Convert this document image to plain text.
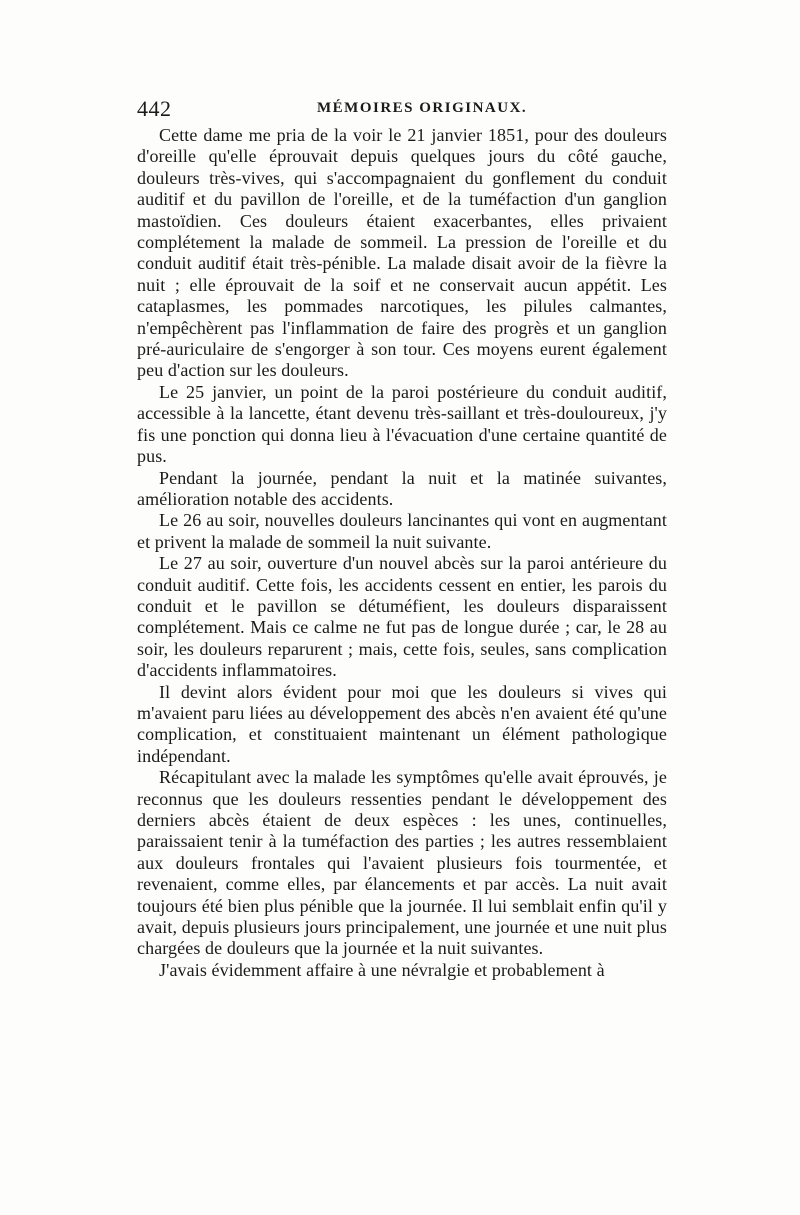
442	MÉMOIRES ORIGINAUX.

Cette dame me pria de la voir le 21 janvier 1851, pour des douleurs d'oreille qu'elle éprouvait depuis quelques jours du côté gauche, douleurs très-vives, qui s'accompagnaient du gonflement du conduit auditif et du pavillon de l'oreille, et de la tuméfaction d'un ganglion mastoïdien. Ces douleurs étaient exacerbantes, elles privaient complétement la malade de sommeil. La pression de l'oreille et du conduit auditif était très-pénible. La malade disait avoir de la fièvre la nuit ; elle éprouvait de la soif et ne conservait aucun appétit. Les cataplasmes, les pommades narcotiques, les pilules calmantes, n'empêchèrent pas l'inflammation de faire des progrès et un ganglion pré-auriculaire de s'engorger à son tour. Ces moyens eurent également peu d'action sur les douleurs.

Le 25 janvier, un point de la paroi postérieure du conduit auditif, accessible à la lancette, étant devenu très-saillant et très-douloureux, j'y fis une ponction qui donna lieu à l'évacuation d'une certaine quantité de pus.

Pendant la journée, pendant la nuit et la matinée suivantes, amélioration notable des accidents.

Le 26 au soir, nouvelles douleurs lancinantes qui vont en augmentant et privent la malade de sommeil la nuit suivante.

Le 27 au soir, ouverture d'un nouvel abcès sur la paroi antérieure du conduit auditif. Cette fois, les accidents cessent en entier, les parois du conduit et le pavillon se détuméfient, les douleurs disparaissent complétement. Mais ce calme ne fut pas de longue durée ; car, le 28 au soir, les douleurs reparurent ; mais, cette fois, seules, sans complication d'accidents inflammatoires.

Il devint alors évident pour moi que les douleurs si vives qui m'avaient paru liées au développement des abcès n'en avaient été qu'une complication, et constituaient maintenant un élément pathologique indépendant.

Récapitulant avec la malade les symptômes qu'elle avait éprouvés, je reconnus que les douleurs ressenties pendant le développement des derniers abcès étaient de deux espèces : les unes, continuelles, paraissaient tenir à la tuméfaction des parties ; les autres ressemblaient aux douleurs frontales qui l'avaient plusieurs fois tourmentée, et revenaient, comme elles, par élancements et par accès. La nuit avait toujours été bien plus pénible que la journée. Il lui semblait enfin qu'il y avait, depuis plusieurs jours principalement, une journée et une nuit plus chargées de douleurs que la journée et la nuit suivantes.

J'avais évidemment affaire à une névralgie et probablement à
